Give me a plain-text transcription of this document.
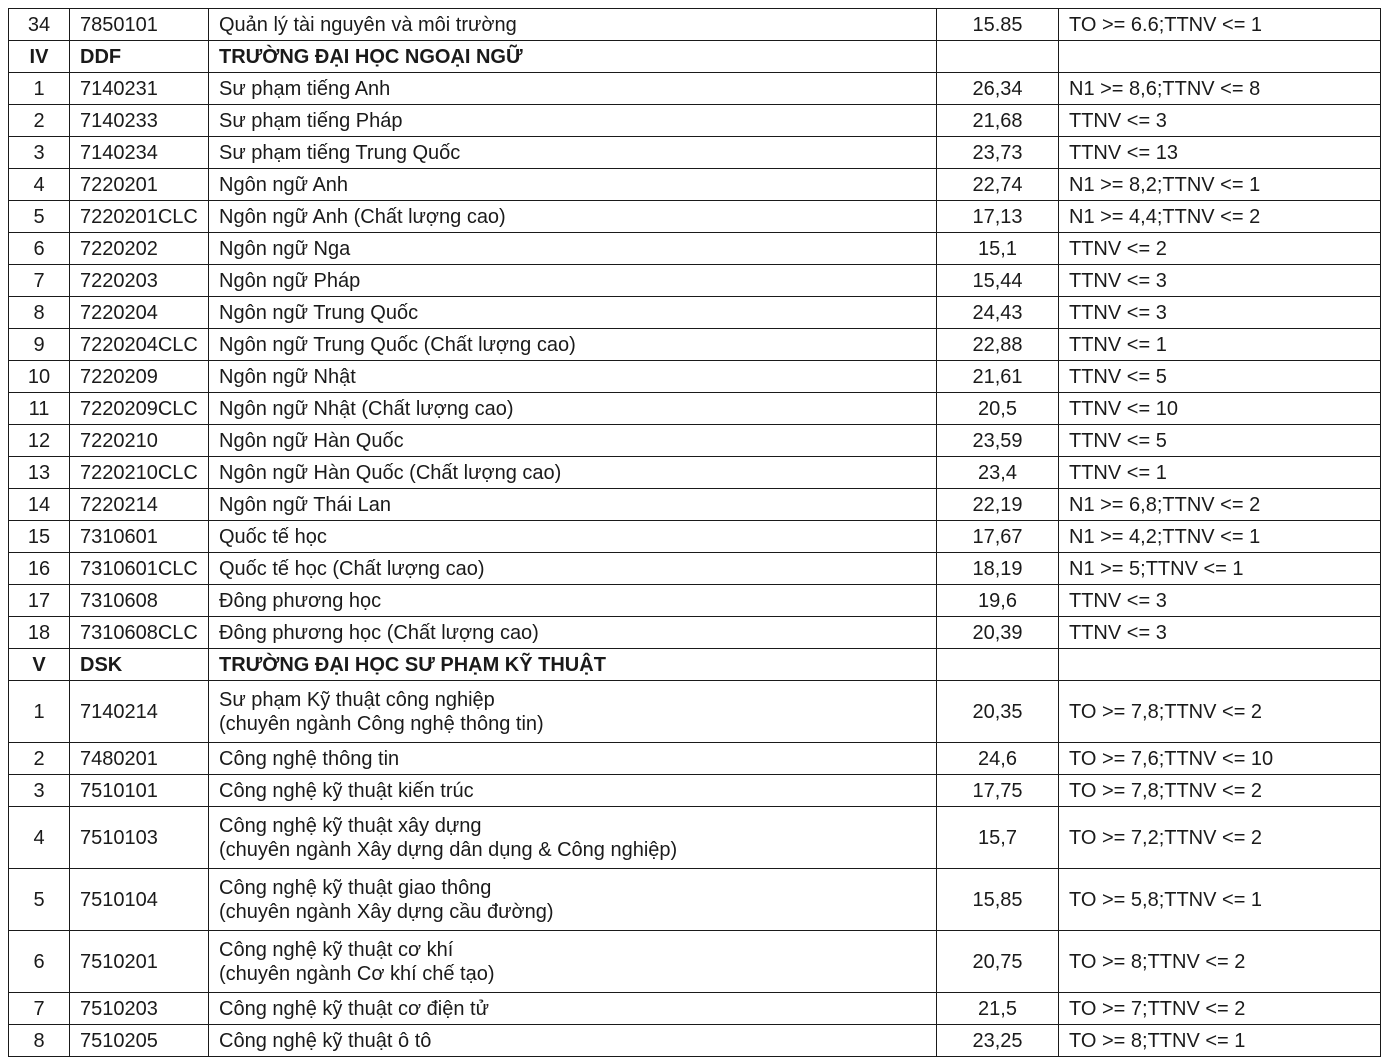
34	7850101	Quản lý tài nguyên và môi trường	15.85	TO >= 6.6;TTNV <= 1
IV	DDF	TRƯỜNG ĐẠI HỌC NGOẠI NGỮ		

1	7140231	Sư phạm tiếng Anh	26,34	N1 >= 8,6;TTNV <= 8
2	7140233	Sư phạm tiếng Pháp	21,68	TTNV <= 3
3	7140234	Sư phạm tiếng Trung Quốc	23,73	TTNV <= 13
4	7220201	Ngôn ngữ Anh	22,74	N1 >= 8,2;TTNV <= 1
5	7220201CLC	Ngôn ngữ Anh (Chất lượng cao)	17,13	N1 >= 4,4;TTNV <= 2
6	7220202	Ngôn ngữ Nga	15,1	TTNV <= 2
7	7220203	Ngôn ngữ Pháp	15,44	TTNV <= 3
8	7220204	Ngôn ngữ Trung Quốc	24,43	TTNV <= 3
9	7220204CLC	Ngôn ngữ Trung Quốc (Chất lượng cao)	22,88	TTNV <= 1
10	7220209	Ngôn ngữ Nhật	21,61	TTNV <= 5
11	7220209CLC	Ngôn ngữ Nhật (Chất lượng cao)	20,5	TTNV <= 10
12	7220210	Ngôn ngữ Hàn Quốc	23,59	TTNV <= 5
13	7220210CLC	Ngôn ngữ Hàn Quốc (Chất lượng cao)	23,4	TTNV <= 1
14	7220214	Ngôn ngữ Thái Lan	22,19	N1 >= 6,8;TTNV <= 2
15	7310601	Quốc tế học	17,67	N1 >= 4,2;TTNV <= 1
16	7310601CLC	Quốc tế học (Chất lượng cao)	18,19	N1 >= 5;TTNV <= 1
17	7310608	Đông phương học	19,6	TTNV <= 3
18	7310608CLC	Đông phương học (Chất lượng cao)	20,39	TTNV <= 3
V	DSK	TRƯỜNG ĐẠI HỌC SƯ PHẠM KỸ THUẬT		

1	7140214	Sư phạm Kỹ thuật công nghiệp
(chuyên ngành Công nghệ thông tin)	20,35	TO >= 7,8;TTNV <= 2
2	7480201	Công nghệ thông tin	24,6	TO >= 7,6;TTNV <= 10
3	7510101	Công nghệ kỹ thuật kiến trúc	17,75	TO >= 7,8;TTNV <= 2
4	7510103	Công nghệ kỹ thuật xây dựng
(chuyên ngành Xây dựng dân dụng & Công nghiệp)	15,7	TO >= 7,2;TTNV <= 2
5	7510104	Công nghệ kỹ thuật giao thông
(chuyên ngành Xây dựng cầu đường)	15,85	TO >= 5,8;TTNV <= 1
6	7510201	Công nghệ kỹ thuật cơ khí
(chuyên ngành Cơ khí chế tạo)	20,75	TO >= 8;TTNV <= 2
7	7510203	Công nghệ kỹ thuật cơ điện tử	21,5	TO >= 7;TTNV <= 2
8	7510205	Công nghệ kỹ thuật ô tô	23,25	TO >= 8;TTNV <= 1
